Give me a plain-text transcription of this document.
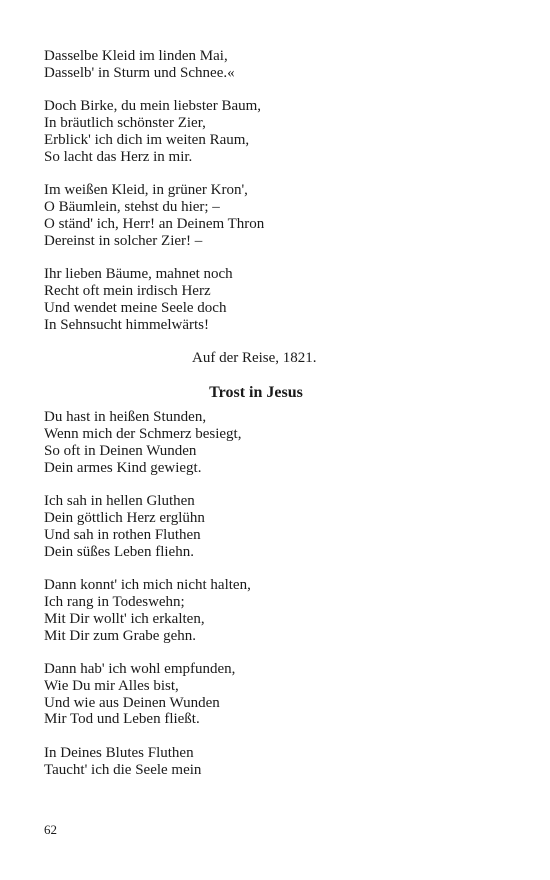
Dasselbe Kleid im linden Mai,
Dasselb' in Sturm und Schnee.«
Doch Birke, du mein liebster Baum,
In bräutlich schönster Zier,
Erblick' ich dich im weiten Raum,
So lacht das Herz in mir.
Im weißen Kleid, in grüner Kron',
O Bäumlein, stehst du hier; –
O ständ' ich, Herr! an Deinem Thron
Dereinst in solcher Zier! –
Ihr lieben Bäume, mahnet noch
Recht oft mein irdisch Herz
Und wendet meine Seele doch
In Sehnsucht himmelwärts!
Auf der Reise, 1821.
Trost in Jesus
Du hast in heißen Stunden,
Wenn mich der Schmerz besiegt,
So oft in Deinen Wunden
Dein armes Kind gewiegt.
Ich sah in hellen Gluthen
Dein göttlich Herz erglühn
Und sah in rothen Fluthen
Dein süßes Leben fliehn.
Dann konnt' ich mich nicht halten,
Ich rang in Todeswehn;
Mit Dir wollt' ich erkalten,
Mit Dir zum Grabe gehn.
Dann hab' ich wohl empfunden,
Wie Du mir Alles bist,
Und wie aus Deinen Wunden
Mir Tod und Leben fließt.
In Deines Blutes Fluthen
Taucht' ich die Seele mein
62
